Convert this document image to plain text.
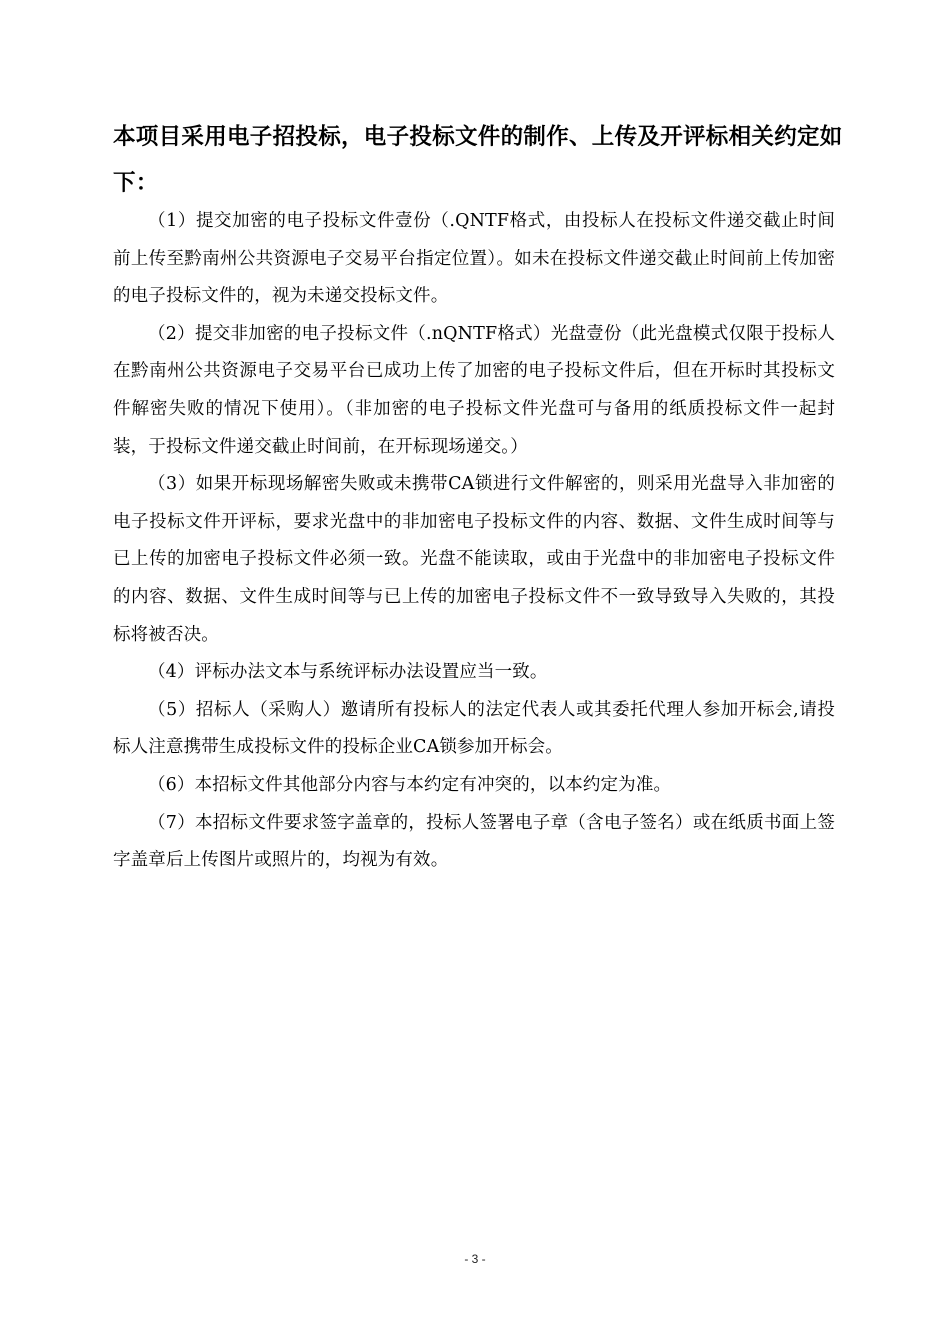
本项目采用电子招投标，电子投标文件的制作、上传及开评标相关约定如下：

（1）提交加密的电子投标文件壹份（.QNTF格式，由投标人在投标文件递交截止时间前上传至黔南州公共资源电子交易平台指定位置）。如未在投标文件递交截止时间前上传加密的电子投标文件的，视为未递交投标文件。

（2）提交非加密的电子投标文件（.nQNTF格式）光盘壹份（此光盘模式仅限于投标人在黔南州公共资源电子交易平台已成功上传了加密的电子投标文件后，但在开标时其投标文件解密失败的情况下使用）。（非加密的电子投标文件光盘可与备用的纸质投标文件一起封装，于投标文件递交截止时间前，在开标现场递交。）

（3）如果开标现场解密失败或未携带CA锁进行文件解密的，则采用光盘导入非加密的电子投标文件开评标，要求光盘中的非加密电子投标文件的内容、数据、文件生成时间等与已上传的加密电子投标文件必须一致。光盘不能读取，或由于光盘中的非加密电子投标文件的内容、数据、文件生成时间等与已上传的加密电子投标文件不一致导致导入失败的，其投标将被否决。

（4）评标办法文本与系统评标办法设置应当一致。

（5）招标人（采购人）邀请所有投标人的法定代表人或其委托代理人参加开标会,请投标人注意携带生成投标文件的投标企业CA锁参加开标会。

（6）本招标文件其他部分内容与本约定有冲突的，以本约定为准。

（7）本招标文件要求签字盖章的，投标人签署电子章（含电子签名）或在纸质书面上签字盖章后上传图片或照片的，均视为有效。

- 3 -
